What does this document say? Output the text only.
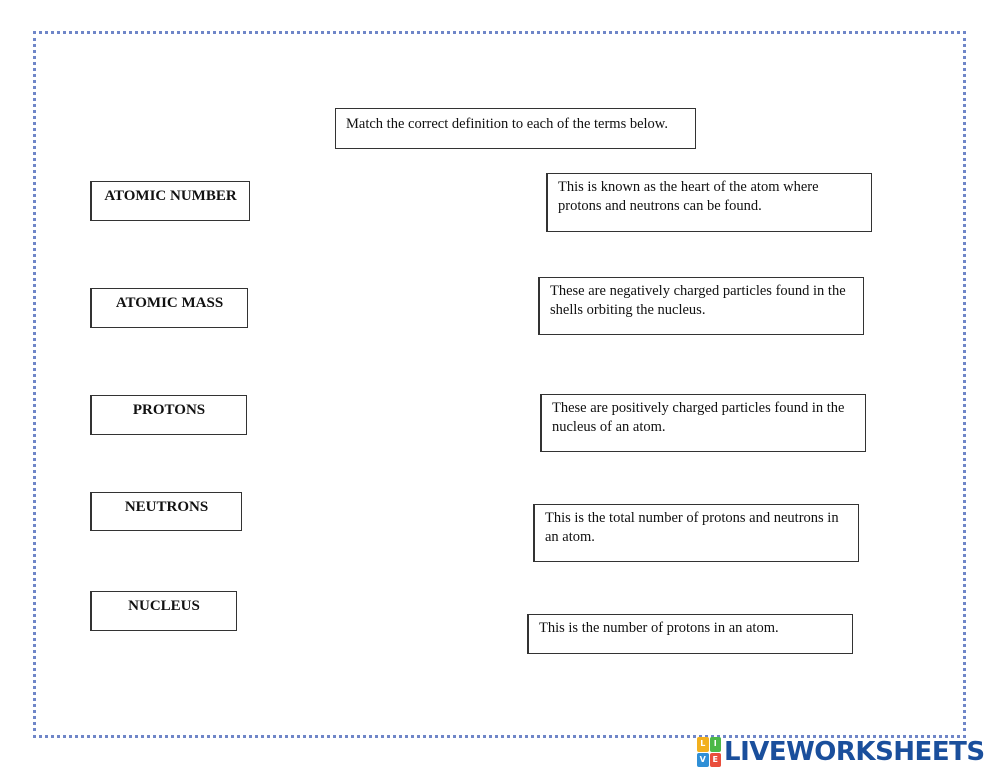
Match the correct definition to each of the terms below.
ATOMIC NUMBER
ATOMIC MASS
PROTONS
NEUTRONS
NUCLEUS
This is known as the heart of the atom where protons and neutrons can be found.
These are negatively charged particles found in the shells orbiting the nucleus.
These are positively charged particles found in the nucleus of an atom.
This is the total number of protons and neutrons in an atom.
This is the number of protons in an atom.
L	I
V E LIVEWORKSHEETS
